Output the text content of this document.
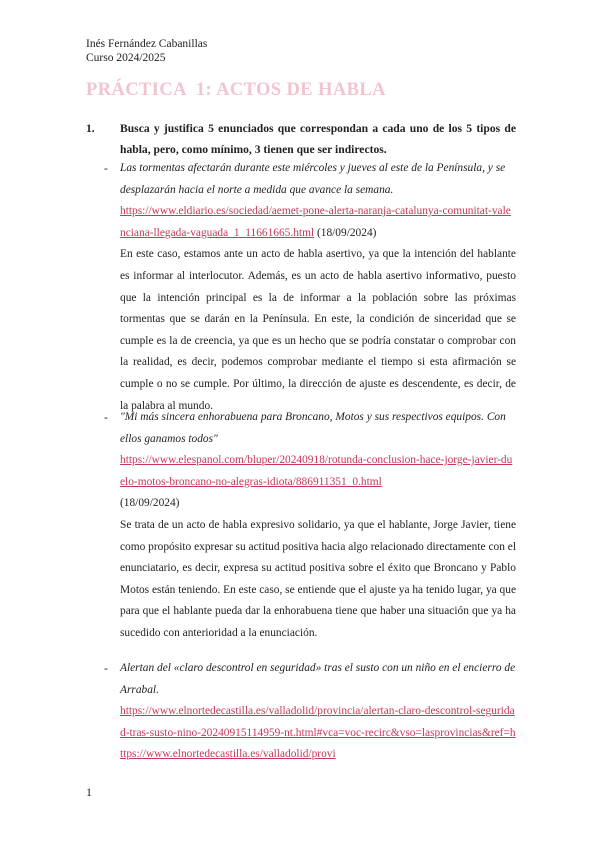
Inés Fernández Cabanillas
Curso 2024/2025
PRÁCTICA  1: ACTOS DE HABLA
1. Busca y justifica 5 enunciados que correspondan a cada uno de los 5 tipos de habla, pero, como mínimo, 3 tienen que ser indirectos.
- Las tormentas afectarán durante este miércoles y jueves al este de la Península, y se desplazarán hacia el norte a medida que avance la semana.
https://www.eldiario.es/sociedad/aemet-pone-alerta-naranja-catalunya-comunitat-valenciana-llegada-vaguada_1_11661665.html (18/09/2024)

En este caso, estamos ante un acto de habla asertivo, ya que la intención del hablante es informar al interlocutor. Además, es un acto de habla asertivo informativo, puesto que la intención principal es la de informar a la población sobre las próximas tormentas que se darán en la Península. En este, la condición de sinceridad que se cumple es la de creencia, ya que es un hecho que se podría constatar o comprobar con la realidad, es decir, podemos comprobar mediante el tiempo si esta afirmación se cumple o no se cumple. Por último, la dirección de ajuste es descendente, es decir, de la palabra al mundo.

- "Mi más sincera enhorabuena para Broncano, Motos y sus respectivos equipos. Con ellos ganamos todos"
https://www.elespanol.com/bluper/20240918/rotunda-conclusion-hace-jorge-javier-duelo-motos-broncano-no-alegras-idiota/886911351_0.html
(18/09/2024)

Se trata de un acto de habla expresivo solidario, ya que el hablante, Jorge Javier, tiene como propósito expresar su actitud positiva hacia algo relacionado directamente con el enunciatario, es decir, expresa su actitud positiva sobre el éxito que Broncano y Pablo Motos están teniendo. En este caso, se entiende que el ajuste ya ha tenido lugar, ya que para que el hablante pueda dar la enhorabuena tiene que haber una situación que ya ha sucedido con anterioridad a la enunciación.

- Alertan del «claro descontrol en seguridad» tras el susto con un niño en el encierro de Arrabal.
https://www.elnortedecastilla.es/valladolid/provincia/alertan-claro-descontrol-seguridad-tras-susto-nino-20240915114959-nt.html#vca=voc-recirc&vso=lasprovincias&ref=https://www.elnortedecastilla.es/valladolid/provi
1
